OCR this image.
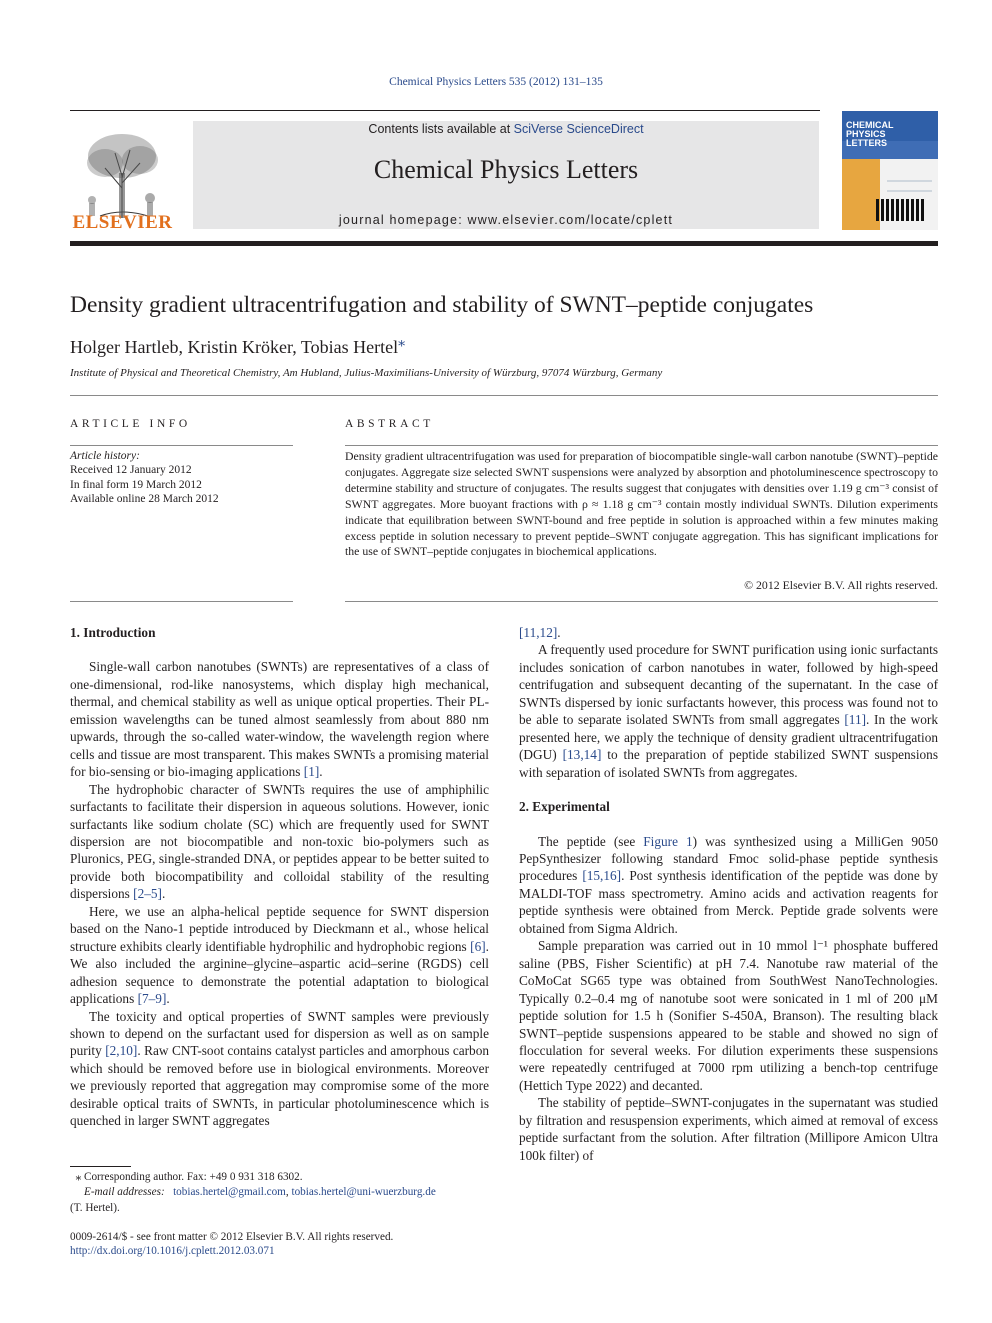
Chemical Physics Letters 535 (2012) 131–135
ELSEVIER
Contents lists available at SciVerse ScienceDirect
Chemical Physics Letters
journal homepage: www.elsevier.com/locate/cplett
CHEMICAL
PHYSICS
LETTERS
Density gradient ultracentrifugation and stability of SWNT–peptide conjugates
Holger Hartleb, Kristin Kröker, Tobias Hertel⁎
Institute of Physical and Theoretical Chemistry, Am Hubland, Julius-Maximilians-University of Würzburg, 97074 Würzburg, Germany
ARTICLE INFO	ABSTRACT
Article history:
Received 12 January 2012
In final form 19 March 2012
Available online 28 March 2012
Density gradient ultracentrifugation was used for preparation of biocompatible single-wall carbon nanotube (SWNT)–peptide conjugates. Aggregate size selected SWNT suspensions were analyzed by absorption and photoluminescence spectroscopy to determine stability and structure of conjugates. The results suggest that conjugates with densities over 1.19 g cm⁻³ consist of SWNT aggregates. More buoyant fractions with ρ ≈ 1.18 g cm⁻³ contain mostly individual SWNTs. Dilution experiments indicate that equilibration between SWNT-bound and free peptide in solution is approached within a few minutes making excess peptide in solution necessary to prevent peptide–SWNT conjugate aggregation. This has significant implications for the use of SWNT–peptide conjugates in biochemical applications.
© 2012 Elsevier B.V. All rights reserved.
1. Introduction

Single-wall carbon nanotubes (SWNTs) are representatives of a class of one-dimensional, rod-like nanosystems, which display high mechanical, thermal, and chemical stability as well as unique optical properties. Their PL-emission wavelengths can be tuned almost seamlessly from about 880 nm upwards, through the so-called water-window, the wavelength region where cells and tissue are most transparent. This makes SWNTs a promising material for bio-sensing or bio-imaging applications [1].

The hydrophobic character of SWNTs requires the use of amphiphilic surfactants to facilitate their dispersion in aqueous solutions. However, ionic surfactants like sodium cholate (SC) which are frequently used for SWNT dispersion are not biocompatible and non-toxic bio-polymers such as Pluronics, PEG, single-stranded DNA, or peptides appear to be better suited to provide both biocompatibility and colloidal stability of the resulting dispersions [2–5].

Here, we use an alpha-helical peptide sequence for SWNT dispersion based on the Nano-1 peptide introduced by Dieckmann et al., whose helical structure exhibits clearly identifiable hydrophilic and hydrophobic regions [6]. We also included the arginine–glycine–aspartic acid–serine (RGDS) cell adhesion sequence to demonstrate the potential adaptation to biological applications [7–9].

The toxicity and optical properties of SWNT samples were previously shown to depend on the surfactant used for dispersion as well as on sample purity [2,10]. Raw CNT-soot contains catalyst particles and amorphous carbon which should be removed before use in biological environments. Moreover we previously reported that aggregation may compromise some of the more desirable optical traits of SWNTs, in particular photoluminescence which is quenched in larger SWNT aggregates

[11,12].

A frequently used procedure for SWNT purification using ionic surfactants includes sonication of carbon nanotubes in water, followed by high-speed centrifugation and subsequent decanting of the supernatant. In the case of SWNTs dispersed by ionic surfactants however, this process was found not to be able to separate isolated SWNTs from small aggregates [11]. In the work presented here, we apply the technique of density gradient ultracentrifugation (DGU) [13,14] to the preparation of peptide stabilized SWNT suspensions with separation of isolated SWNTs from aggregates.

2. Experimental

The peptide (see Figure 1) was synthesized using a MilliGen 9050 PepSynthesizer following standard Fmoc solid-phase peptide synthesis procedures [15,16]. Post synthesis identification of the peptide was done by MALDI-TOF mass spectrometry. Amino acids and activation reagents for peptide synthesis were obtained from Merck. Peptide grade solvents were obtained from Sigma Aldrich.

Sample preparation was carried out in 10 mmol l⁻¹ phosphate buffered saline (PBS, Fisher Scientific) at pH 7.4. Nanotube raw material of the CoMoCat SG65 type was obtained from SouthWest NanoTechnologies. Typically 0.2–0.4 mg of nanotube soot were sonicated in 1 ml of 200 μM peptide solution for 1.5 h (Sonifier S-450A, Branson). The resulting black SWNT–peptide suspensions appeared to be stable and showed no sign of flocculation for several weeks. For dilution experiments these suspensions were repeatedly centrifuged at 7000 rpm utilizing a bench-top centrifuge (Hettich Type 2022) and decanted.

The stability of peptide–SWNT-conjugates in the supernatant was studied by filtration and resuspension experiments, which aimed at removal of excess peptide surfactant from the solution. After filtration (Millipore Amicon Ultra 100k filter) of

⁎ Corresponding author. Fax: +49 0 931 318 6302.
E-mail addresses: tobias.hertel@gmail.com, tobias.hertel@uni-wuerzburg.de
(T. Hertel).
0009-2614/$ - see front matter © 2012 Elsevier B.V. All rights reserved.
http://dx.doi.org/10.1016/j.cplett.2012.03.071
